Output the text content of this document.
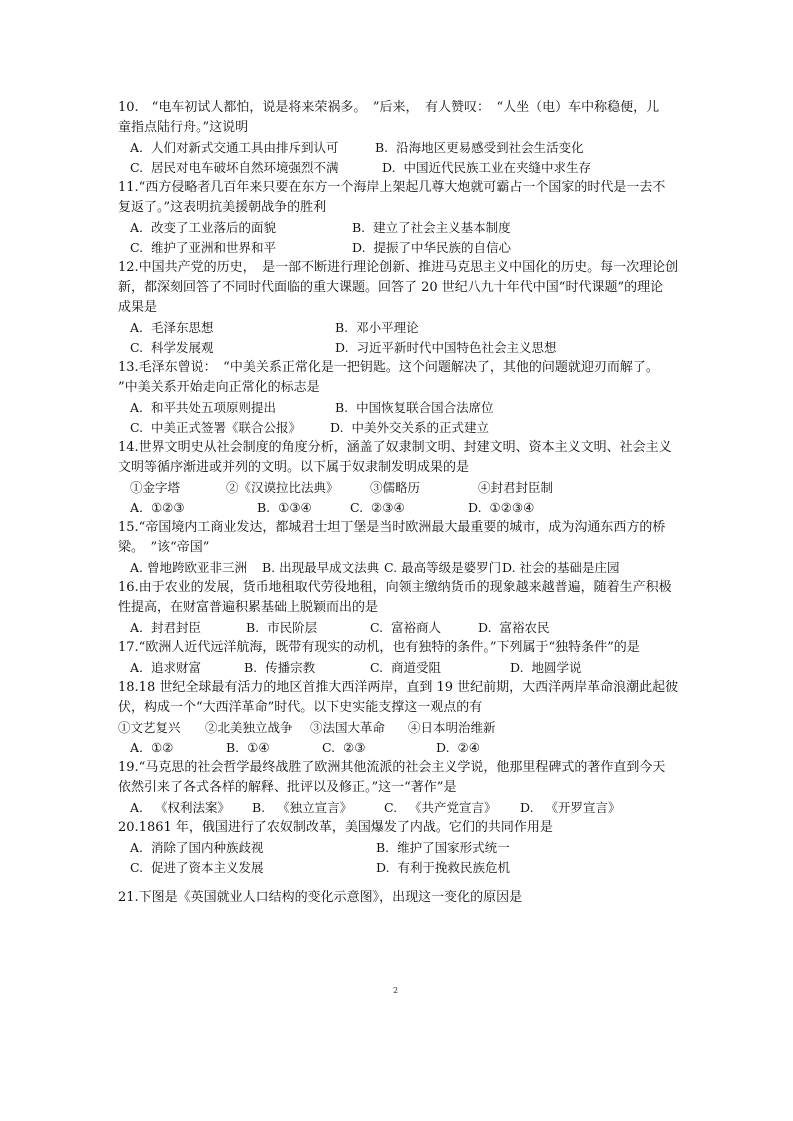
10.　“电车初试人都怕，说是将来荣祸多。　”后来，　有人赞叹：　“人坐（电）车中称稳便，儿
童指点陆行舟。”这说明
A. 人们对新式交通工具由排斥到认可	B. 沿海地区更易感受到社会生活变化
C. 居民对电车破坏自然环境强烈不满	D. 中国近代民族工业在夹缝中求生存
11.“西方侵略者几百年来只要在东方一个海岸上架起几尊大炮就可霸占一个国家的时代是一去不
复返了。”这表明抗美援朝战争的胜利
A. 改变了工业落后的面貌	B. 建立了社会主义基本制度
C. 维护了亚洲和世界和平	D. 提振了中华民族的自信心
12.中国共产党的历史，　是一部不断进行理论创新、推进马克思主义中国化的历史。每一次理论创
新，都深刻回答了不同时代面临的重大课题。回答了 20 世纪八九十年代中国“时代课题”的理论
成果是
A. 毛泽东思想	B. 邓小平理论
C. 科学发展观	D. 习近平新时代中国特色社会主义思想
13.毛泽东曾说：　“中美关系正常化是一把钥匙。这个问题解决了，其他的问题就迎刃而解了。
”中美关系开始走向正常化的标志是
A. 和平共处五项原则提出	B. 中国恢复联合国合法席位
C. 中美正式签署《联合公报》 D. 中美外交关系的正式建立
14.世界文明史从社会制度的角度分析，涵盖了奴隶制文明、封建文明、资本主义文明、社会主义
文明等循序渐进或并列的文明。以下属于奴隶制发明成果的是
①金字塔	②《汉谟拉比法典》	③儒略历	④封君封臣制
A. ①②③	B. ①③④	C. ②③④	D. ①②③④
15.“帝国境内工商业发达，都城君士坦丁堡是当时欧洲最大最重要的城市，成为沟通东西方的桥
梁。　”该“帝国”
A. 曾地跨欧亚非三洲 B. 出现最早成文法典 C. 最高等级是婆罗门 D. 社会的基础是庄园
16.由于农业的发展，货币地租取代劳役地租，向领主缴纳货币的现象越来越普遍，随着生产积极
性提高，在财富普遍积累基础上脱颖而出的是
A. 封君封臣	B. 市民阶层	C. 富裕商人	D. 富裕农民
17.“欧洲人近代远洋航海，既带有现实的动机，也有独特的条件。”下列属于“独特条件”的是
A. 追求财富	B. 传播宗教	C. 商道受阻	D. 地圆学说
18.18 世纪全球最有活力的地区首推大西洋两岸，直到 19 世纪前期，大西洋两岸革命浪潮此起彼
伏，构成一个“大西洋革命”时代。以下史实能支撑这一观点的有
①文艺复兴 ②北美独立战争 ③法国大革命 ④日本明治维新
A. ①②	B. ①④	C. ②③	D. ②④
19.“马克思的社会哲学最终战胜了欧洲其他流派的社会主义学说，他那里程碑式的著作直到今天
依然引来了各式各样的解释、批评以及修正。”这一“著作”是
A. 《权利法案》 B. 《独立宣言》	C. 《共产党宣言》 D. 《开罗宣言》
20.1861 年，俄国进行了农奴制改革，美国爆发了内战。它们的共同作用是
A. 消除了国内种族歧视	B. 维护了国家形式统一
C. 促进了资本主义发展	D. 有利于挽救民族危机
21.下图是《英国就业人口结构的变化示意图》，出现这一变化的原因是
2
